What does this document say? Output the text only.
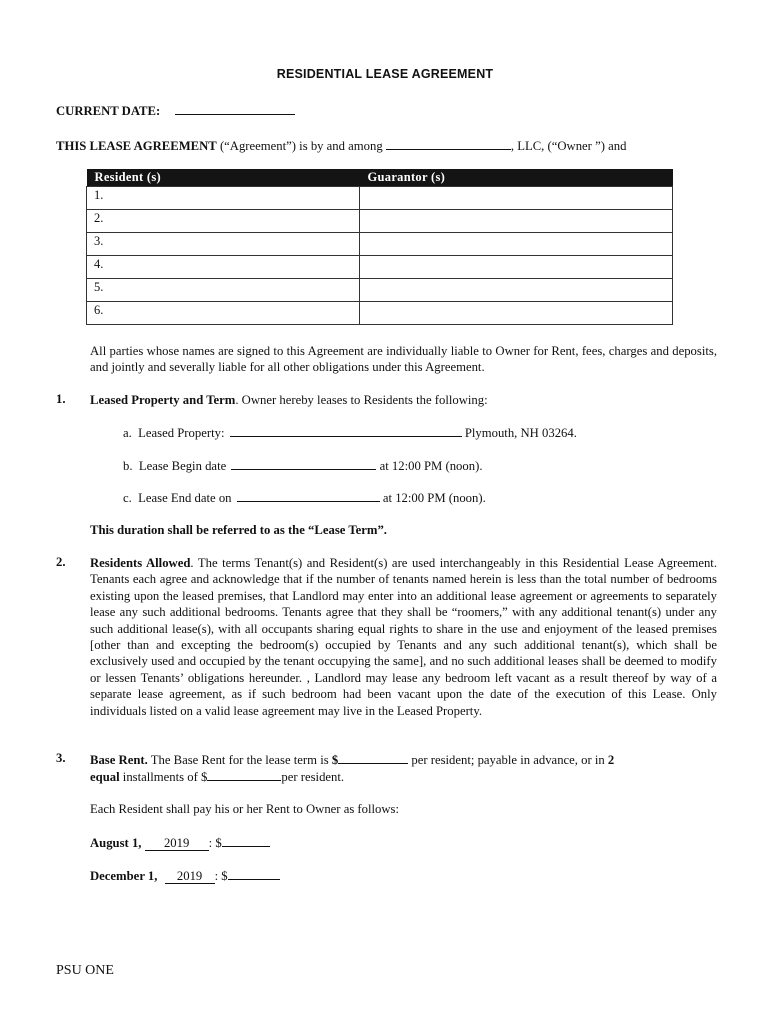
RESIDENTIAL LEASE AGREEMENT
CURRENT DATE:
THIS LEASE AGREEMENT (“Agreement”) is by and among	, LLC, (“Owner ”) and
Resident (s)	Guarantor (s)
1.	
2.	
3.	
4.	
5.	
6.	
All parties whose names are signed to this Agreement are individually liable to Owner for Rent, fees, charges and deposits, and jointly and severally liable for all other obligations under this Agreement.
1. Leased Property and Term. Owner hereby leases to Residents the following:
a. Leased Property:	Plymouth, NH 03264.
b. Lease Begin date	at 12:00 PM (noon).
c. Lease End date on	at 12:00 PM (noon).
This duration shall be referred to as the “Lease Term”.
2. Residents Allowed. The terms Tenant(s) and Resident(s) are used interchangeably in this Residential Lease Agreement. Tenants each agree and acknowledge that if the number of tenants named herein is less than the total number of bedrooms existing upon the leased premises, that Landlord may enter into an additional lease agreement or agreements to separately lease any such additional bedrooms. Tenants agree that they shall be “roomers,” with any additional tenant(s) under any such additional lease(s), with all occupants sharing equal rights to share in the use and enjoyment of the leased premises [other than and excepting the bedroom(s) occupied by Tenants and any such additional tenant(s), which shall be exclusively used and occupied by the tenant occupying the same], and no such additional leases shall be deemed to modify or lessen Tenants’ obligations hereunder. , Landlord may lease any bedroom left vacant as a result thereof by way of a separate lease agreement, as if such bedroom had been vacant upon the date of the execution of this Lease. Only individuals listed on a valid lease agreement may live in the Leased Property.
3. Base Rent. The Base Rent for the lease term is $	per resident; payable in advance, or in 2
equal installments of $	per resident.
Each Resident shall pay his or her Rent to Owner as follows:
August 1, 2019 : $
December 1, 2019 : $
PSU ONE
